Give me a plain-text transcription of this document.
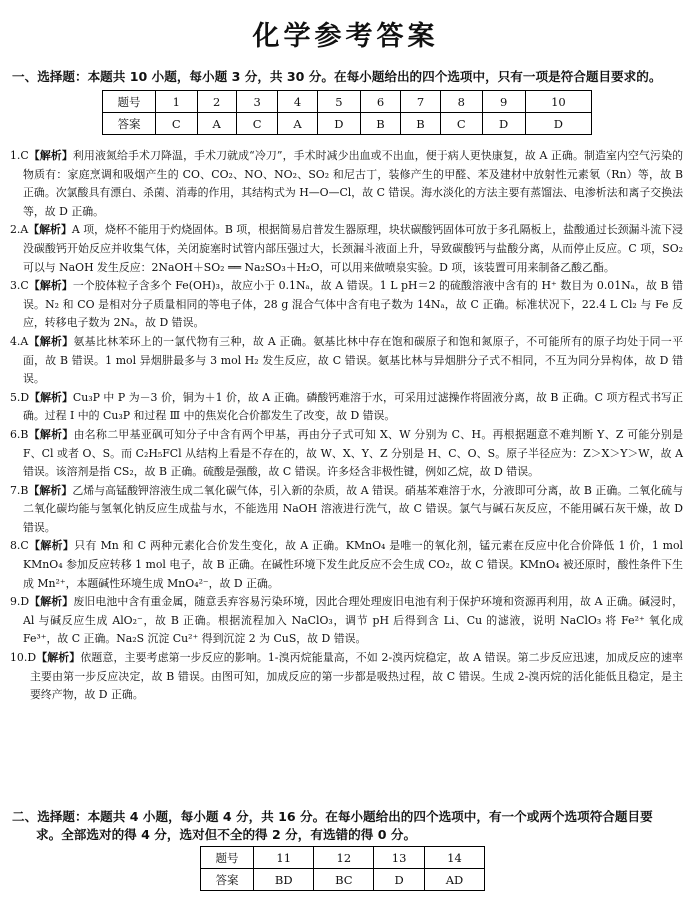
化学参考答案
一、选择题：本题共 10 小题，每小题 3 分，共 30 分。在每小题给出的四个选项中，只有一项是符合题目要求的。
题号	1	2	3	4	5	6	7	8	9	10
答案	C	A	C	A	D	B	B	C	D	D
1.C【解析】利用液氮给手术刀降温，手术刀就成“冷刀”，手术时减少出血或不出血，便于病人更快康复，故 A 正确。制造室内空气污染的物质有：家庭烹调和吸烟产生的 CO、CO₂、NO、NO₂、SO₂ 和尼古丁，装修产生的甲醛、苯及建材中放射性元素氡（Rn）等，故 B 正确。次氯酸具有漂白、杀菌、消毒的作用，其结构式为 H—O—Cl，故 C 错误。海水淡化的方法主要有蒸馏法、电渗析法和离子交换法等，故 D 正确。
2.A【解析】A 项，烧杯不能用于灼烧固体。B 项，根据简易启普发生器原理，块状碳酸钙固体可放于多孔隔板上，盐酸通过长颈漏斗流下浸没碳酸钙开始反应并收集气体，关闭旋塞时试管内部压强过大，长颈漏斗液面上升，导致碳酸钙与盐酸分离，从而停止反应。C 项，SO₂ 可以与 NaOH 发生反应：2NaOH＋SO₂ ══ Na₂SO₃＋H₂O，可以用来做喷泉实验。D 项，该装置可用来制备乙酸乙酯。
3.C【解析】一个胶体粒子含多个 Fe(OH)₃，故应小于 0.1Nₐ，故 A 错误。1 L pH＝2 的硫酸溶液中含有的 H⁺ 数目为 0.01Nₐ，故 B 错误。N₂ 和 CO 是相对分子质量相同的等电子体，28 g 混合气体中含有电子数为 14Nₐ，故 C 正确。标准状况下，22.4 L Cl₂ 与 Fe 反应，转移电子数为 2Nₐ，故 D 错误。
4.A【解析】氨基比林苯环上的一氯代物有三种，故 A 正确。氨基比林中存在饱和碳原子和饱和氮原子，不可能所有的原子均处于同一平面，故 B 错误。1 mol 异烟肼最多与 3 mol H₂ 发生反应，故 C 错误。氨基比林与异烟肼分子式不相同，不互为同分异构体，故 D 错误。
5.D【解析】Cu₃P 中 P 为－3 价，铜为＋1 价，故 A 正确。磷酸钙难溶于水，可采用过滤操作将固液分离，故 B 正确。C 项方程式书写正确。过程 Ⅰ 中的 Cu₃P 和过程 Ⅲ 中的焦炭化合价都发生了改变，故 D 错误。
6.B【解析】由名称二甲基亚砜可知分子中含有两个甲基，再由分子式可知 X、W 分别为 C、H。再根据题意不难判断 Y、Z 可能分别是 F、Cl 或者 O、S。而 C₂H₅FCl 从结构上看是不存在的，故 W、X、Y、Z 分别是 H、C、O、S。原子半径应为：Z＞X＞Y＞W，故 A 错误。该溶剂是指 CS₂，故 B 正确。硫酸是强酸，故 C 错误。许多烃含非极性键，例如乙烷，故 D 错误。
7.B【解析】乙烯与高锰酸钾溶液生成二氧化碳气体，引入新的杂质，故 A 错误。硝基苯难溶于水，分液即可分离，故 B 正确。二氧化硫与二氧化碳均能与氢氧化钠反应生成盐与水，不能选用 NaOH 溶液进行洗气，故 C 错误。氯气与碱石灰反应，不能用碱石灰干燥，故 D 错误。
8.C【解析】只有 Mn 和 C 两种元素化合价发生变化，故 A 正确。KMnO₄ 是唯一的氧化剂，锰元素在反应中化合价降低 1 价，1 mol KMnO₄ 参加反应转移 1 mol 电子，故 B 正确。在碱性环境下发生此反应不会生成 CO₂，故 C 错误。KMnO₄ 被还原时，酸性条件下生成 Mn²⁺，本题碱性环境生成 MnO₄²⁻，故 D 正确。
9.D【解析】废旧电池中含有重金属，随意丢弃容易污染环境，因此合理处理废旧电池有利于保护环境和资源再利用，故 A 正确。碱浸时，Al 与碱反应生成 AlO₂⁻，故 B 正确。根据流程加入 NaClO₃，调节 pH 后得到含 Li、Cu 的滤液，说明 NaClO₃ 将 Fe²⁺ 氧化成 Fe³⁺，故 C 正确。Na₂S 沉淀 Cu²⁺ 得到沉淀 2 为 CuS，故 D 错误。
10.D【解析】依题意，主要考虑第一步反应的影响。1-溴丙烷能量高，不如 2-溴丙烷稳定，故 A 错误。第二步反应迅速，加成反应的速率主要由第一步反应决定，故 B 错误。由图可知，加成反应的第一步都是吸热过程，故 C 错误。生成 2-溴丙烷的活化能低且稳定，是主要终产物，故 D 正确。
二、选择题：本题共 4 小题，每小题 4 分，共 16 分。在每小题给出的四个选项中，有一个或两个选项符合题目要
求。全部选对的得 4 分，选对但不全的得 2 分，有选错的得 0 分。
题号	11	12	13	14
答案	BD	BC	D	AD
